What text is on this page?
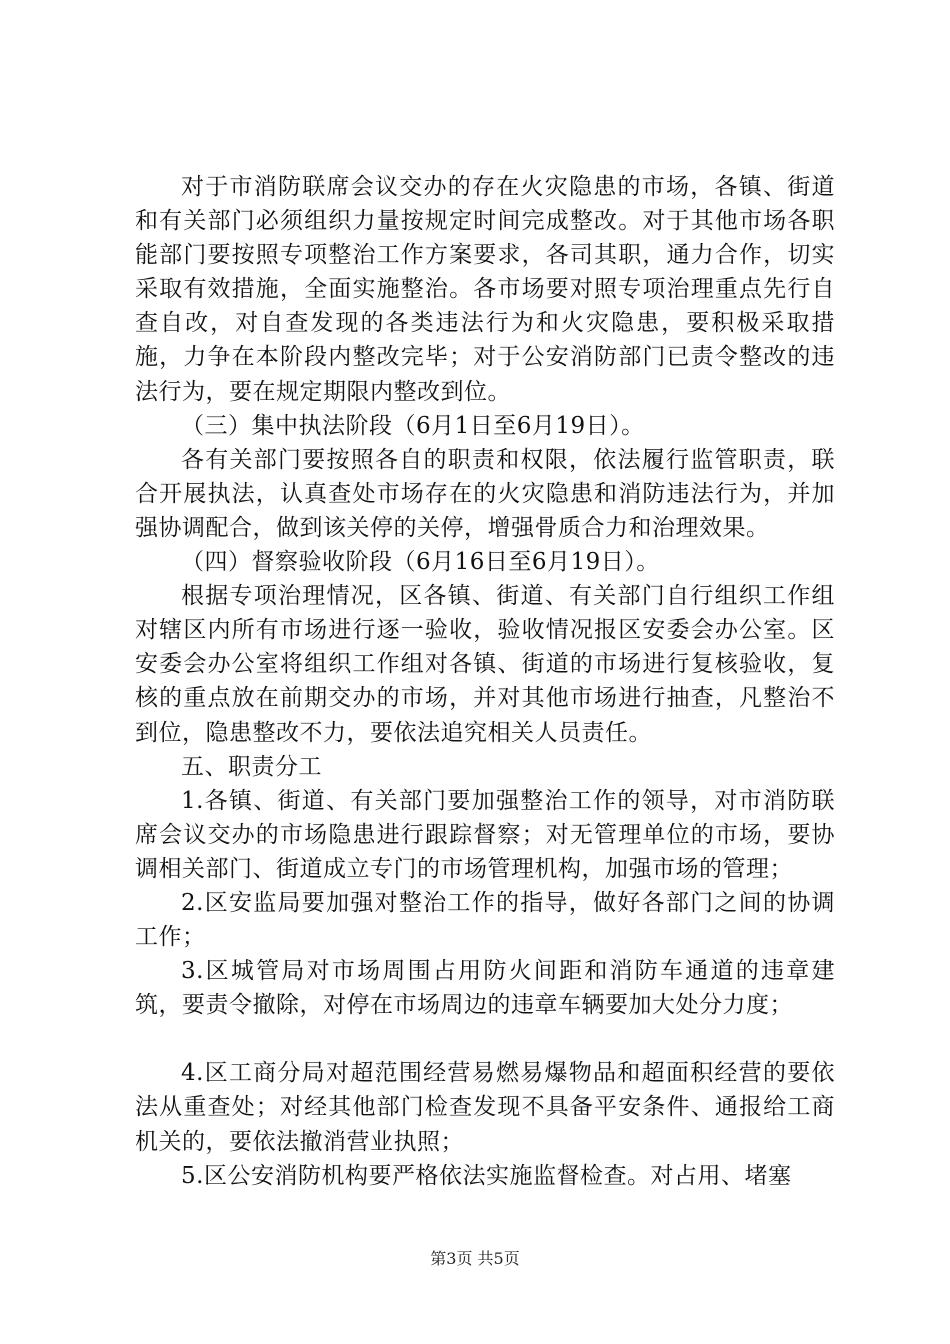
对于市消防联席会议交办的存在火灾隐患的市场，各镇、街道和有关部门必须组织力量按规定时间完成整改。对于其他市场各职能部门要按照专项整治工作方案要求，各司其职，通力合作，切实采取有效措施，全面实施整治。各市场要对照专项治理重点先行自查自改，对自查发现的各类违法行为和火灾隐患，要积极采取措施，力争在本阶段内整改完毕；对于公安消防部门已责令整改的违法行为，要在规定期限内整改到位。

（三）集中执法阶段（6月1日至6月19日）。

各有关部门要按照各自的职责和权限，依法履行监管职责，联合开展执法，认真查处市场存在的火灾隐患和消防违法行为，并加强协调配合，做到该关停的关停，增强骨质合力和治理效果。

（四）督察验收阶段（6月16日至6月19日）。

根据专项治理情况，区各镇、街道、有关部门自行组织工作组对辖区内所有市场进行逐一验收，验收情况报区安委会办公室。区安委会办公室将组织工作组对各镇、街道的市场进行复核验收，复核的重点放在前期交办的市场，并对其他市场进行抽查，凡整治不到位，隐患整改不力，要依法追究相关人员责任。

五、职责分工

1.各镇、街道、有关部门要加强整治工作的领导，对市消防联席会议交办的市场隐患进行跟踪督察；对无管理单位的市场，要协调相关部门、街道成立专门的市场管理机构，加强市场的管理；

2.区安监局要加强对整治工作的指导，做好各部门之间的协调工作；

3.区城管局对市场周围占用防火间距和消防车通道的违章建筑，要责令撤除，对停在市场周边的违章车辆要加大处分力度；

4.区工商分局对超范围经营易燃易爆物品和超面积经营的要依法从重查处；对经其他部门检查发现不具备平安条件、通报给工商机关的，要依法撤消营业执照；

5.区公安消防机构要严格依法实施监督检查。对占用、堵塞

第3页 共5页
